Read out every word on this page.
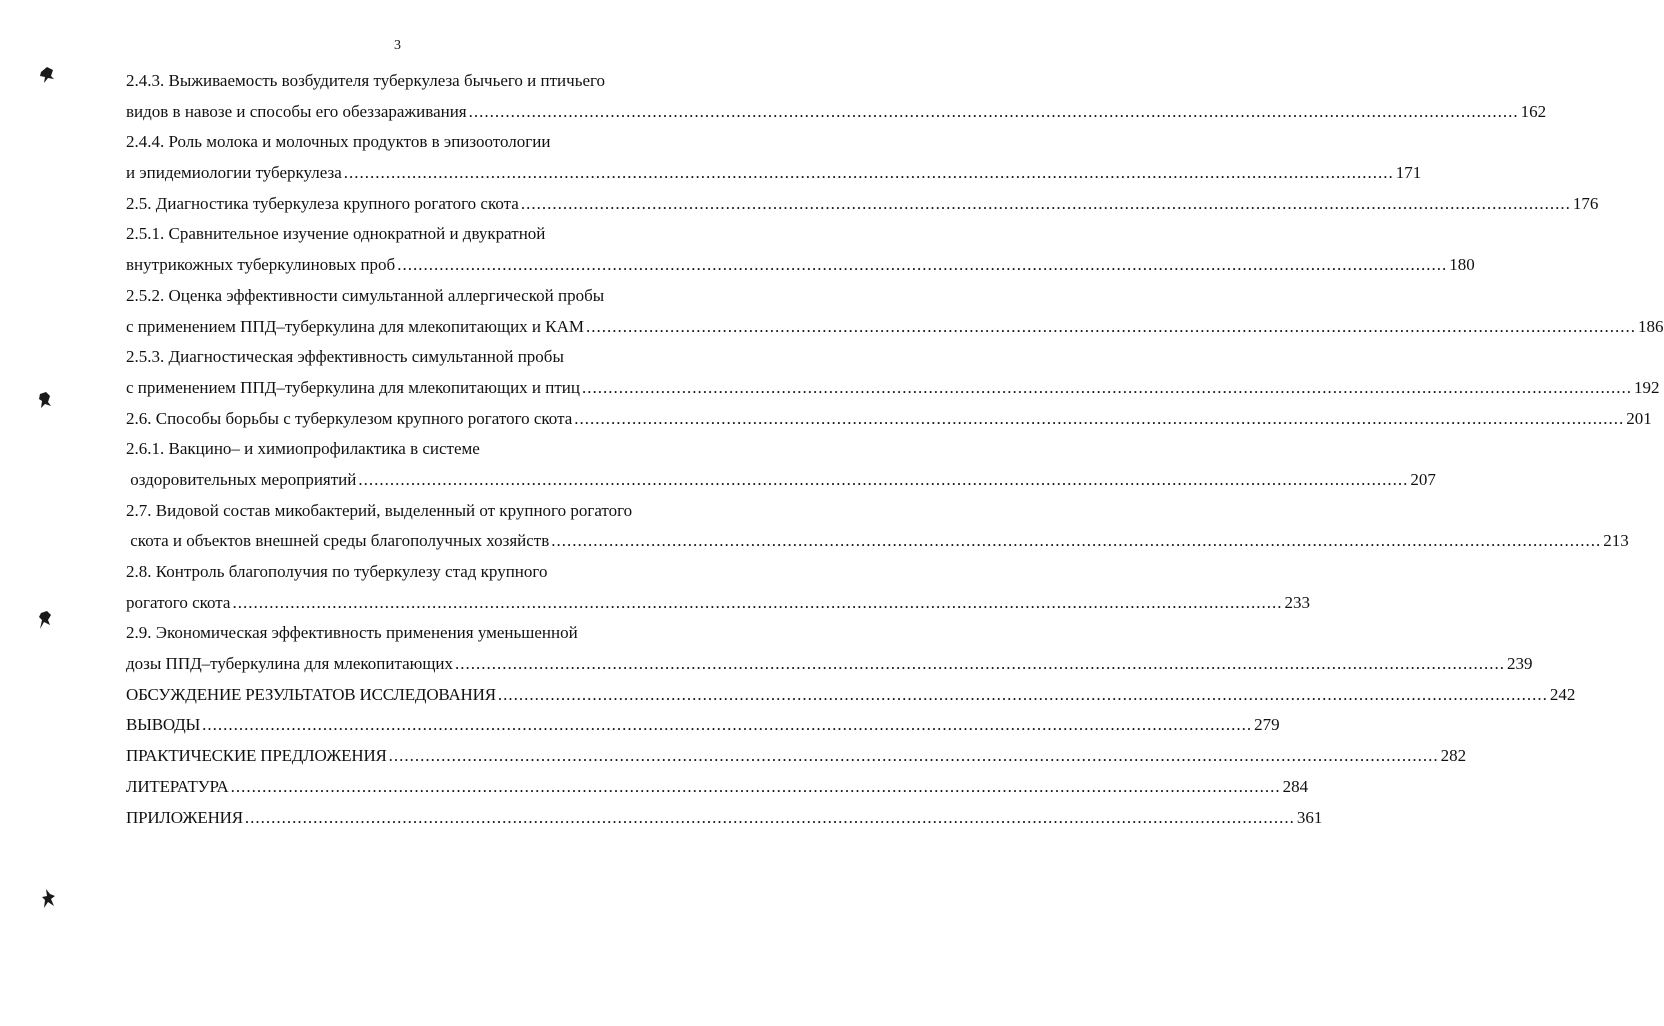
3
2.4.3. Выживаемость возбудителя туберкулеза бычьего и птичьего
видов в навозе и способы его обеззараживания ........................................................................................................................................................................................................ 162
2.4.4. Роль молока и молочных продуктов в эпизоотологии
и эпидемиологии туберкулеза ........................................................................................................................................................................................................ 171
2.5. Диагностика туберкулеза крупного рогатого скота ........................................................................................................................................................................................................ 176
2.5.1. Сравнительное изучение однократной и двукратной
внутрикожных туберкулиновых проб ........................................................................................................................................................................................................ 180
2.5.2. Оценка эффективности симультанной аллергической пробы
с применением ППД–туберкулина для млекопитающих и КАМ ........................................................................................................................................................................................................ 186
2.5.3. Диагностическая эффективность симультанной пробы
с применением ППД–туберкулина для млекопитающих и птиц ........................................................................................................................................................................................................ 192
2.6. Способы борьбы с туберкулезом крупного рогатого скота ........................................................................................................................................................................................................ 201
2.6.1. Вакцино– и химиопрофилактика в системе
оздоровительных мероприятий ........................................................................................................................................................................................................ 207
2.7. Видовой состав микобактерий, выделенный от крупного рогатого
скота и объектов внешней среды благополучных хозяйств ........................................................................................................................................................................................................ 213
2.8. Контроль благополучия по туберкулезу стад крупного
рогатого скота ........................................................................................................................................................................................................ 233
2.9. Экономическая эффективность применения уменьшенной
дозы ППД–туберкулина для млекопитающих ........................................................................................................................................................................................................ 239
ОБСУЖДЕНИЕ РЕЗУЛЬТАТОВ ИССЛЕДОВАНИЯ ........................................................................................................................................................................................................ 242
ВЫВОДЫ ........................................................................................................................................................................................................ 279
ПРАКТИЧЕСКИЕ ПРЕДЛОЖЕНИЯ ........................................................................................................................................................................................................ 282
ЛИТЕРАТУРА ........................................................................................................................................................................................................ 284
ПРИЛОЖЕНИЯ ........................................................................................................................................................................................................ 361
